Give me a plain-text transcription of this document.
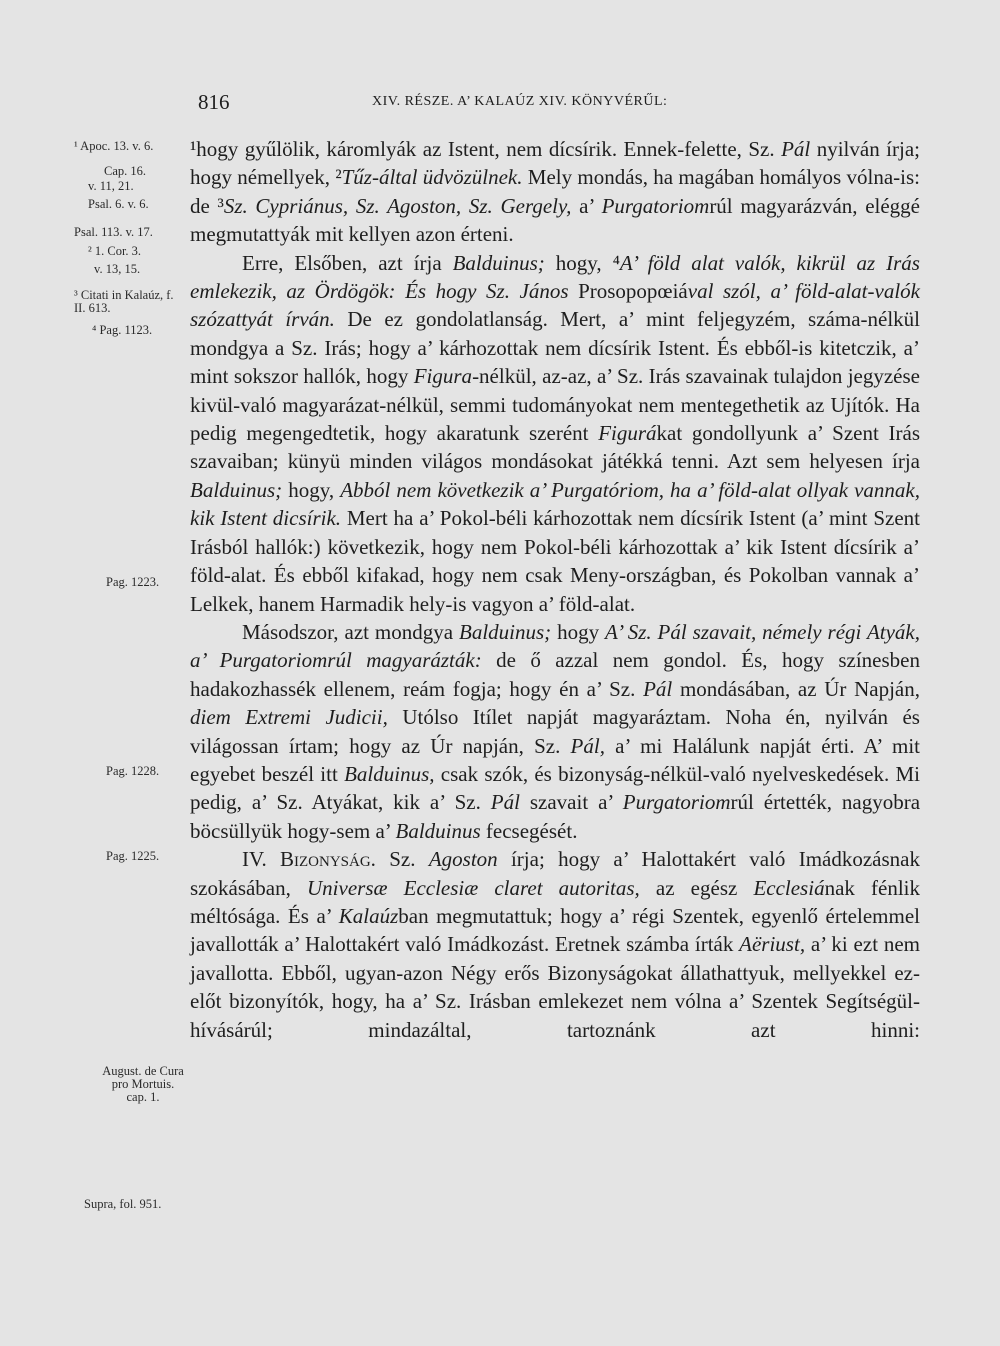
816	XIV. RÉSZE. A’ KALAÚZ XIV. KÖNYVÉRŰL:
¹ Apoc. 13. v. 6.
Cap. 16.
v. 11, 21.
Psal. 6. v. 6.
Psal. 113. v. 17.
² 1. Cor. 3.
v. 13, 15.
³ Citati in Kalaúz, f. II. 613.
⁴ Pag. 1123.
Pag. 1223.
Pag. 1228.
Pag. 1225.
August. de Cura pro Mortuis. cap. 1.
Supra, fol. 951.

¹hogy gyűlölik, káromlyák az Istent, nem dícsírik. Ennek-felette, Sz. Pál nyilván írja; hogy némellyek, ²Tűz-által üdvözülnek. Mely mondás, ha magában homályos vólna-is: de ³Sz. Cypriánus, Sz. Agoston, Sz. Gergely, a’ Purgatoriomrúl magyarázván, eléggé megmutattyák mit kellyen azon érteni.

Erre, Elsőben, azt írja Balduinus; hogy, ⁴A’ föld alat valók, kikrül az Irás emlekezik, az Ördögök: És hogy Sz. János Prosopopœiával szól, a’ föld-alat-valók szózattyát írván. De ez gondolatlanság. Mert, a’ mint feljegyzém, száma-nélkül mondgya a Sz. Irás; hogy a’ kárhozottak nem dícsírik Istent. És ebből-is kitetczik, a’ mint sokszor hallók, hogy Figura-nélkül, az-az, a’ Sz. Irás szavainak tulajdon jegyzése kivül-való magyarázat-nélkül, semmi tudományokat nem mentegethetik az Ujítók. Ha pedig megengedtetik, hogy akaratunk szerént Figurákat gondollyunk a’ Szent Irás szavaiban; künyü minden világos mondásokat játékká tenni. Azt sem helyesen írja Balduinus; hogy, Abból nem következik a’ Purgatóriom, ha a’ föld-alat ollyak vannak, kik Istent dicsírik. Mert ha a’ Pokol-béli kárhozottak nem dícsírik Istent (a’ mint Szent Irásból hallók:) következik, hogy nem Pokol-béli kárhozottak a’ kik Istent dícsírik a’ föld-alat. És ebből kifakad, hogy nem csak Meny-országban, és Pokolban vannak a’ Lelkek, hanem Harmadik hely-is vagyon a’ föld-alat.

Másodszor, azt mondgya Balduinus; hogy A’ Sz. Pál szavait, némely régi Atyák, a’ Purgatoriomrúl magyarázták: de ő azzal nem gondol. És, hogy színesben hadakozhassék ellenem, reám fogja; hogy én a’ Sz. Pál mondásában, az Úr Napján, diem Extremi Judicii, Utólso Itílet napját magyaráztam. Noha én, nyilván és világossan írtam; hogy az Úr napján, Sz. Pál, a’ mi Halálunk napját érti. A’ mit egyebet beszél itt Balduinus, csak szók, és bizonyság-nélkül-való nyelveskedések. Mi pedig, a’ Sz. Atyákat, kik a’ Sz. Pál szavait a’ Purgatoriomrúl értették, nagyobra böcsüllyük hogy-sem a’ Balduinus fecsegését.

IV. Bizonyság. Sz. Agoston írja; hogy a’ Halottakért való Imádkozásnak szokásában, Universæ Ecclesiæ claret autoritas, az egész Ecclesiának fénlik méltósága. És a’ Kalaúzban megmutattuk; hogy a’ régi Szentek, egyenlő értelemmel javallották a’ Halottakért való Imádkozást. Eretnek számba írták Aëriust, a’ ki ezt nem javallotta. Ebből, ugyan-azon Négy erős Bizonyságokat állathattyuk, mellyekkel ez-előt bizonyítók, hogy, ha a’ Sz. Irásban emlekezet nem vólna a’ Szentek Segítségül-hívásárúl; mindazáltal, tartoznánk azt hinni:
